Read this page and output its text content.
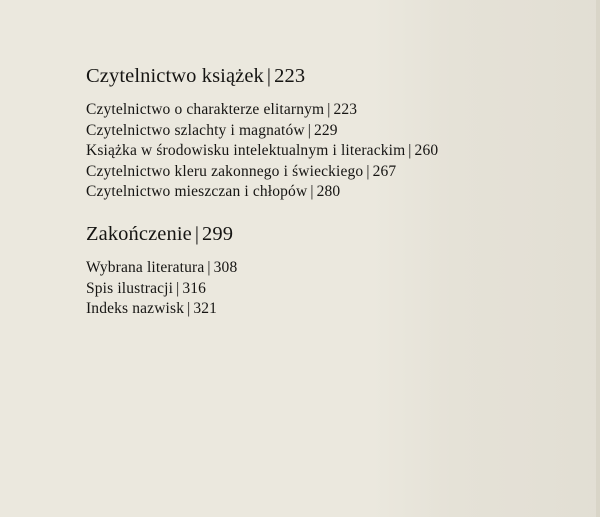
Czytelnictwo książek | 223
Czytelnictwo o charakterze elitarnym | 223
Czytelnictwo szlachty i magnatów | 229
Książka w środowisku intelektualnym i literackim | 260
Czytelnictwo kleru zakonnego i świeckiego | 267
Czytelnictwo mieszczan i chłopów | 280
Zakończenie | 299
Wybrana literatura | 308
Spis ilustracji | 316
Indeks nazwisk | 321
